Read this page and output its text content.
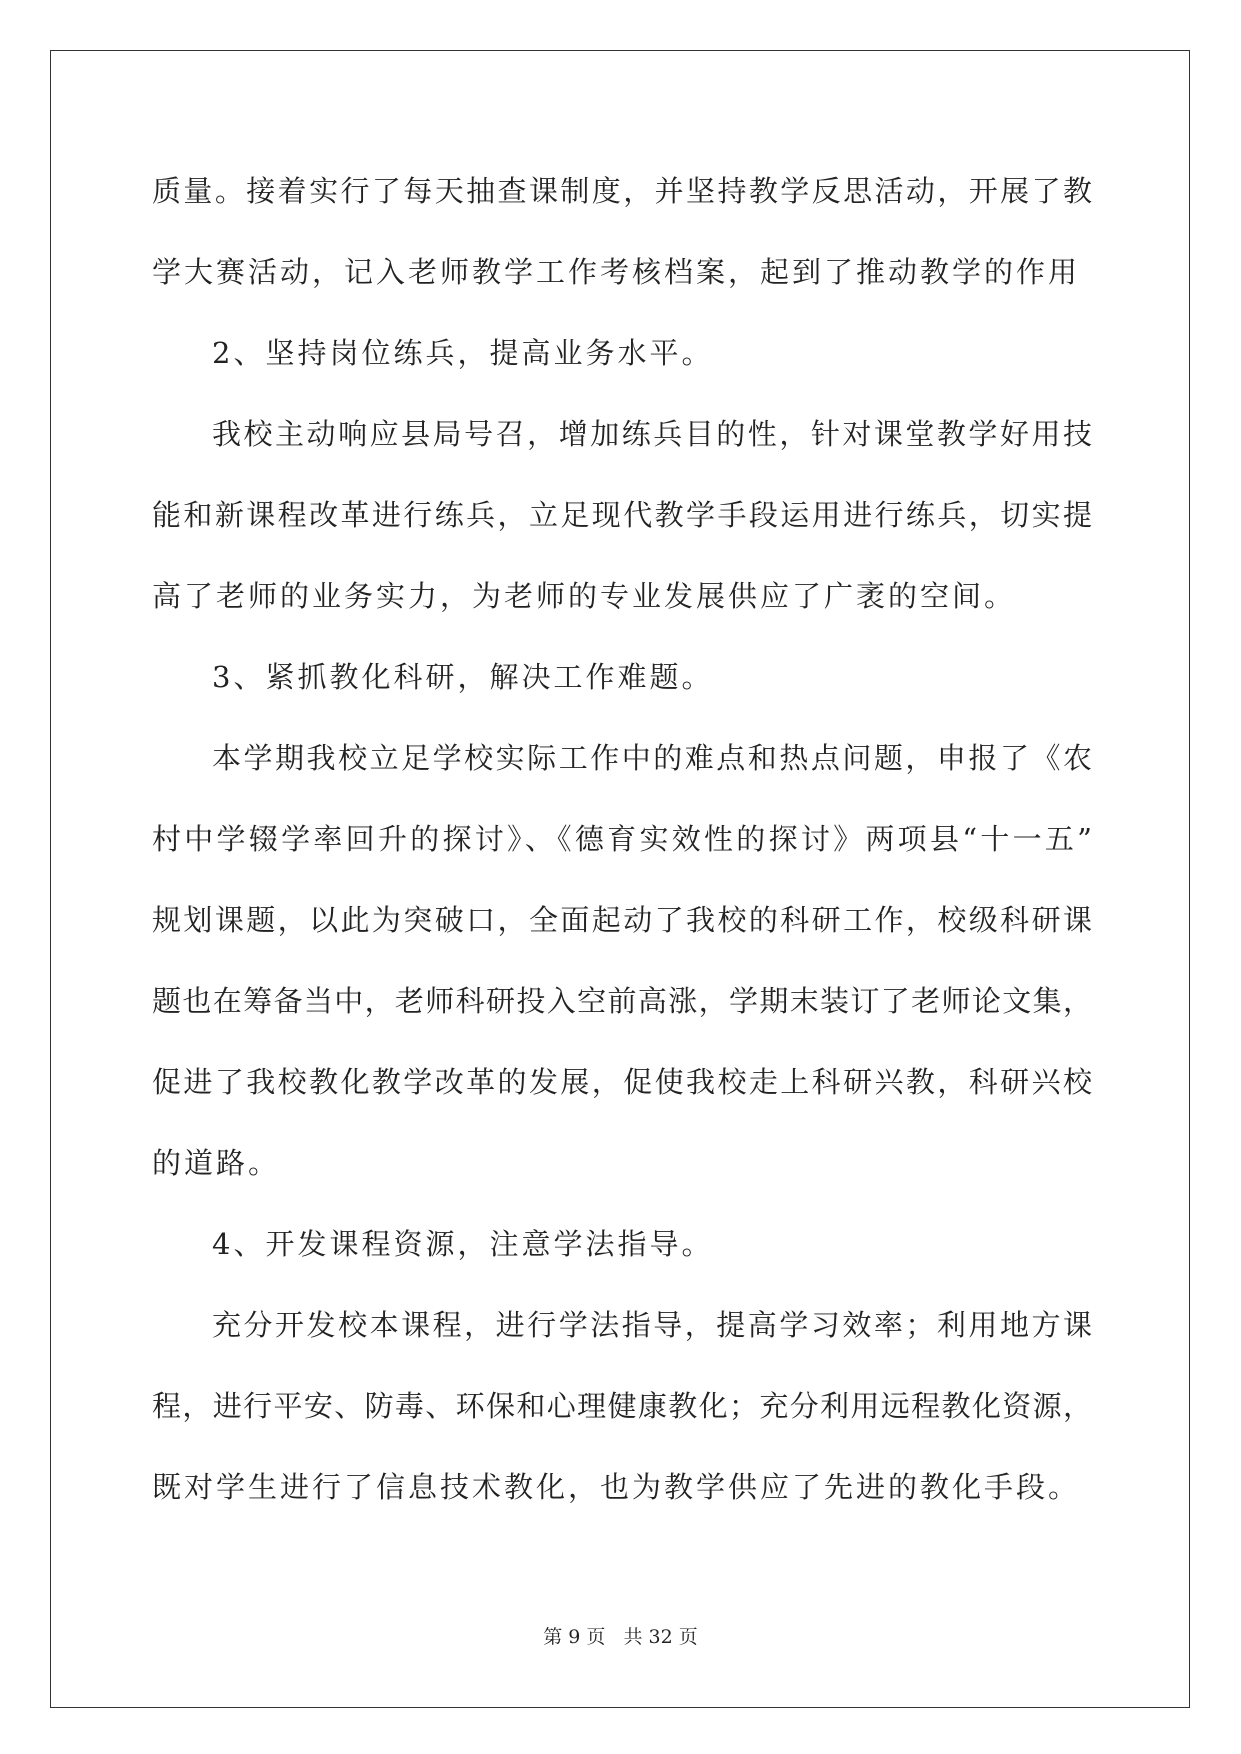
质量。接着实行了每天抽查课制度，并坚持教学反思活动，开展了教
学大赛活动，记入老师教学工作考核档案，起到了推动教学的作用
2、坚持岗位练兵，提高业务水平。
我校主动响应县局号召，增加练兵目的性，针对课堂教学好用技
能和新课程改革进行练兵，立足现代教学手段运用进行练兵，切实提
高了老师的业务实力，为老师的专业发展供应了广袤的空间。
3、紧抓教化科研，解决工作难题。
本学期我校立足学校实际工作中的难点和热点问题，申报了《农
村中学辍学率回升的探讨》、《德育实效性的探讨》两项县“十一五”
规划课题，以此为突破口，全面起动了我校的科研工作，校级科研课
题也在筹备当中，老师科研投入空前高涨，学期末装订了老师论文集，
促进了我校教化教学改革的发展，促使我校走上科研兴教，科研兴校
的道路。
4、开发课程资源，注意学法指导。
充分开发校本课程，进行学法指导，提高学习效率；利用地方课
程，进行平安、防毒、环保和心理健康教化；充分利用远程教化资源，
既对学生进行了信息技术教化，也为教学供应了先进的教化手段。
第 9 页   共 32 页
